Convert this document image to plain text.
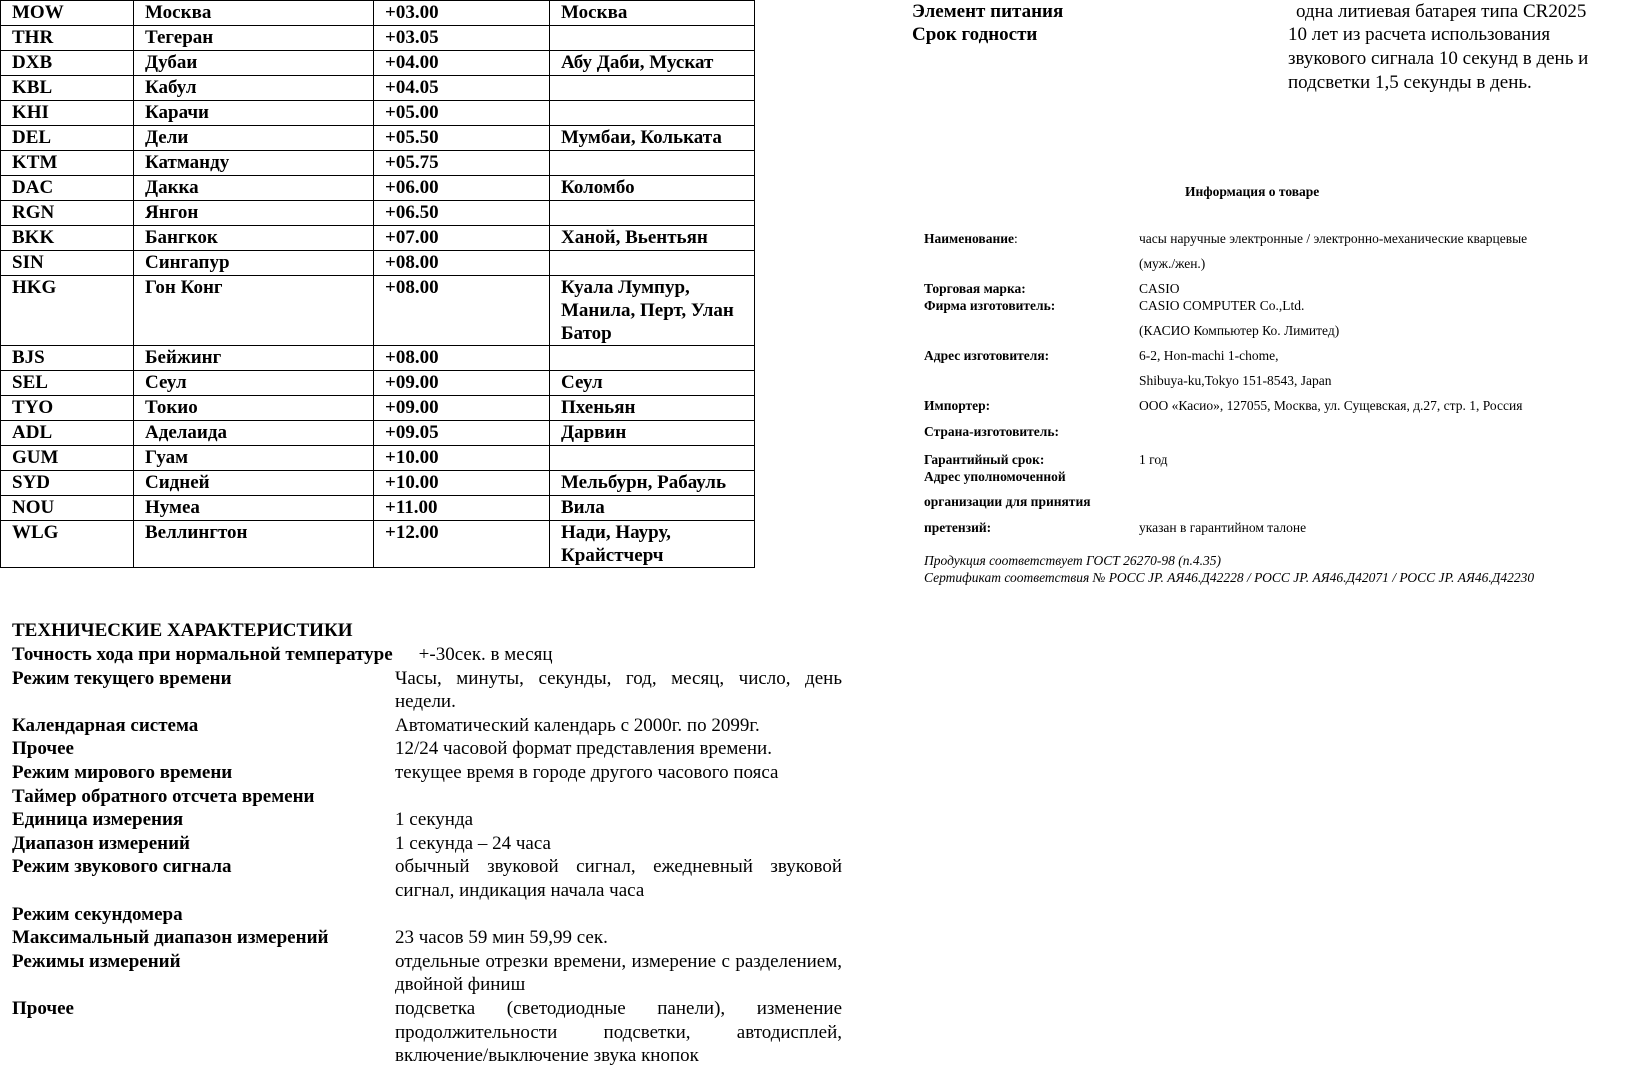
MOW	Москва	+03.00	Москва
THR	Тегеран	+03.05	
DXB	Дубаи	+04.00	Абу Даби, Мускат
KBL	Кабул	+04.05	
KHI	Карачи	+05.00	
DEL	Дели	+05.50	Мумбаи, Кольката
KTM	Катманду	+05.75	
DAC	Дакка	+06.00	Коломбо
RGN	Янгон	+06.50	
BKK	Бангкок	+07.00	Ханой, Вьентьян
SIN	Сингапур	+08.00	
HKG	Гон Конг	+08.00	Куала Лумпур, Манила, Перт, Улан Батор
BJS	Бейжинг	+08.00	
SEL	Сеул	+09.00	Сеул
TYO	Токио	+09.00	Пхеньян
ADL	Аделаида	+09.05	Дарвин
GUM	Гуам	+10.00	
SYD	Сидней	+10.00	Мельбурн, Рабауль
NOU	Нумеа	+11.00	Вила
WLG	Веллингтон	+12.00	Нади, Науру, Крайстчерч
ТЕХНИЧЕСКИЕ ХАРАКТЕРИСТИКИ
Точность хода при нормальной температуре +-30сек. в месяц
Режим текущего времени	Часы, минуты, секунды, год, месяц, число, день недели.
Календарная система	Автоматический календарь с 2000г. по 2099г.
Прочее	12/24 часовой формат представления времени.
Режим мирового времени	текущее время в городе другого часового пояса
Таймер обратного отсчета времени
Единица измерения	1 секунда
Диапазон измерений	1 секунда – 24 часа
Режим звукового сигнала	обычный звуковой сигнал, ежедневный звуковой сигнал, индикация начала часа
Режим секундомера
Максимальный диапазон измерений	23 часов 59 мин 59,99 сек.
Режимы измерений	отдельные отрезки времени, измерение с разделением, двойной финиш
Прочее	подсветка (светодиодные панели), изменение продолжительности подсветки, автодисплей, включение/выключение звука кнопок
Элемент питания	одна литиевая батарея типа CR2025
Срок годности	10 лет из расчета использования
звукового сигнала 10 секунд в день и
подсветки 1,5 секунды в день.
Информация о товаре
Наименование:	часы наручные электронные / электронно-механические кварцевые
(муж./жен.)
Торговая марка:	CASIO
Фирма изготовитель:	CASIO COMPUTER Co.,Ltd.
(КАСИО Компьютер Ко. Лимитед)
Адрес изготовителя:	6-2, Hon-machi 1-chome,
Shibuya-ku,Tokyo 151-8543, Japan
Импортер:	ООО «Касио», 127055, Москва, ул. Сущевская, д.27, стр. 1, Россия
Страна-изготовитель:
Гарантийный срок:	1 год
Адрес уполномоченной
организации для принятия
претензий:	указан в гарантийном талоне
Продукция соответствует ГОСТ 26270-98 (п.4.35)
Сертификат соответствия № РОСС JP. АЯ46.Д42228 / РОСС JP. АЯ46.Д42071 / РОСС JP. АЯ46.Д42230
